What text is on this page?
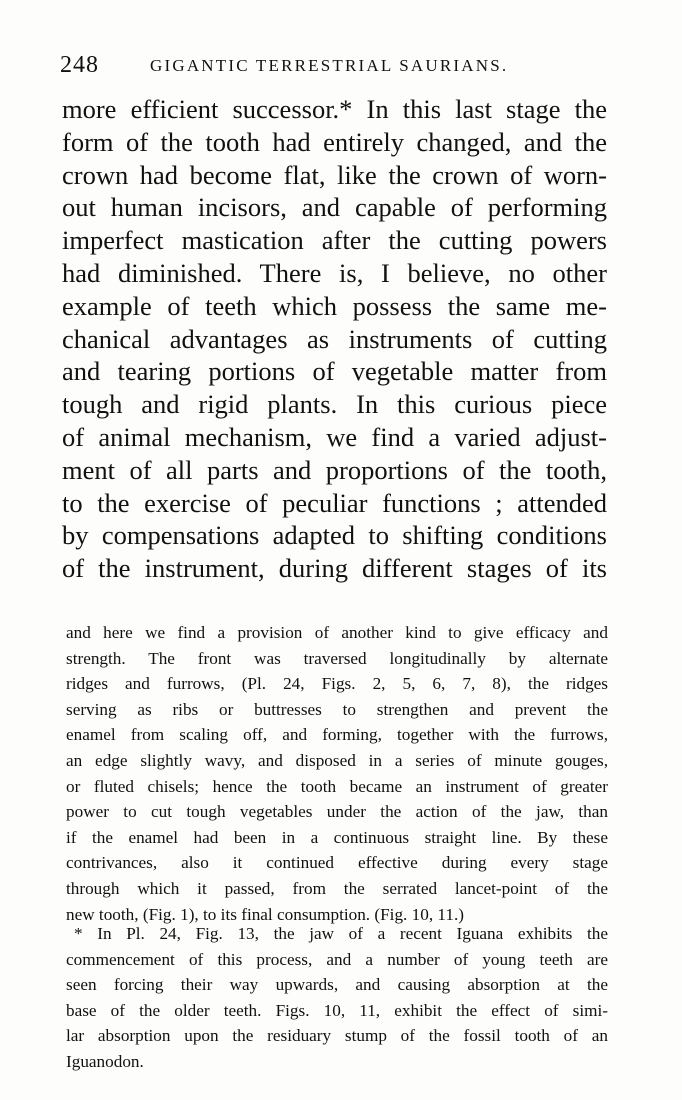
248	GIGANTIC TERRESTRIAL SAURIANS.
more efficient successor.* In this last stage the
form of the tooth had entirely changed, and the
crown had become flat, like the crown of worn-
out human incisors, and capable of performing
imperfect mastication after the cutting powers
had diminished. There is, I believe, no other
example of teeth which possess the same me-
chanical advantages as instruments of cutting
and tearing portions of vegetable matter from
tough and rigid plants. In this curious piece
of animal mechanism, we find a varied adjust-
ment of all parts and proportions of the tooth,
to the exercise of peculiar functions ; attended
by compensations adapted to shifting conditions
of the instrument, during different stages of its
and here we find a provision of another kind to give efficacy and
strength. The front was traversed longitudinally by alternate
ridges and furrows, (Pl. 24, Figs. 2, 5, 6, 7, 8), the ridges
serving as ribs or buttresses to strengthen and prevent the
enamel from scaling off, and forming, together with the furrows,
an edge slightly wavy, and disposed in a series of minute gouges,
or fluted chisels; hence the tooth became an instrument of greater
power to cut tough vegetables under the action of the jaw, than
if the enamel had been in a continuous straight line. By these
contrivances, also it continued effective during every stage
through which it passed, from the serrated lancet-point of the
new tooth, (Fig. 1), to its final consumption. (Fig. 10, 11.)
* In Pl. 24, Fig. 13, the jaw of a recent Iguana exhibits the
commencement of this process, and a number of young teeth are
seen forcing their way upwards, and causing absorption at the
base of the older teeth. Figs. 10, 11, exhibit the effect of simi-
lar absorption upon the residuary stump of the fossil tooth of an
Iguanodon.
